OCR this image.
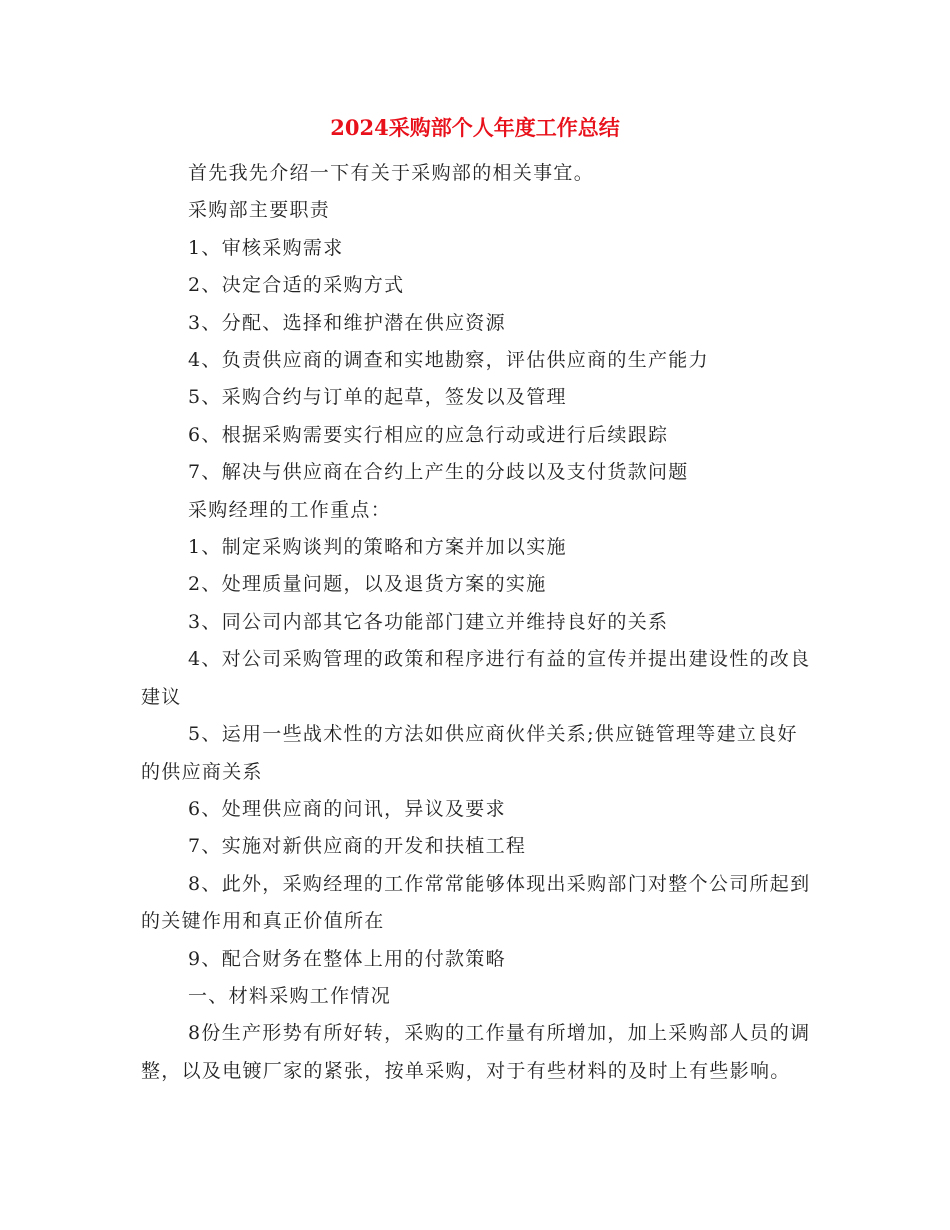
2024采购部个人年度工作总结

首先我先介绍一下有关于采购部的相关事宜。

采购部主要职责

1、审核采购需求

2、决定合适的采购方式

3、分配、选择和维护潜在供应资源

4、负责供应商的调查和实地勘察，评估供应商的生产能力

5、采购合约与订单的起草，签发以及管理

6、根据采购需要实行相应的应急行动或进行后续跟踪

7、解决与供应商在合约上产生的分歧以及支付货款问题

采购经理的工作重点：

1、制定采购谈判的策略和方案并加以实施

2、处理质量问题，以及退货方案的实施

3、同公司内部其它各功能部门建立并维持良好的关系

4、对公司采购管理的政策和程序进行有益的宣传并提出建设性的改良建议

5、运用一些战术性的方法如供应商伙伴关系;供应链管理等建立良好的供应商关系

6、处理供应商的问讯，异议及要求

7、实施对新供应商的开发和扶植工程

8、此外，采购经理的工作常常能够体现出采购部门对整个公司所起到的关键作用和真正价值所在

9、配合财务在整体上用的付款策略

一、材料采购工作情况

8份生产形势有所好转，采购的工作量有所增加，加上采购部人员的调整，以及电镀厂家的紧张，按单采购，对于有些材料的及时上有些影响。
